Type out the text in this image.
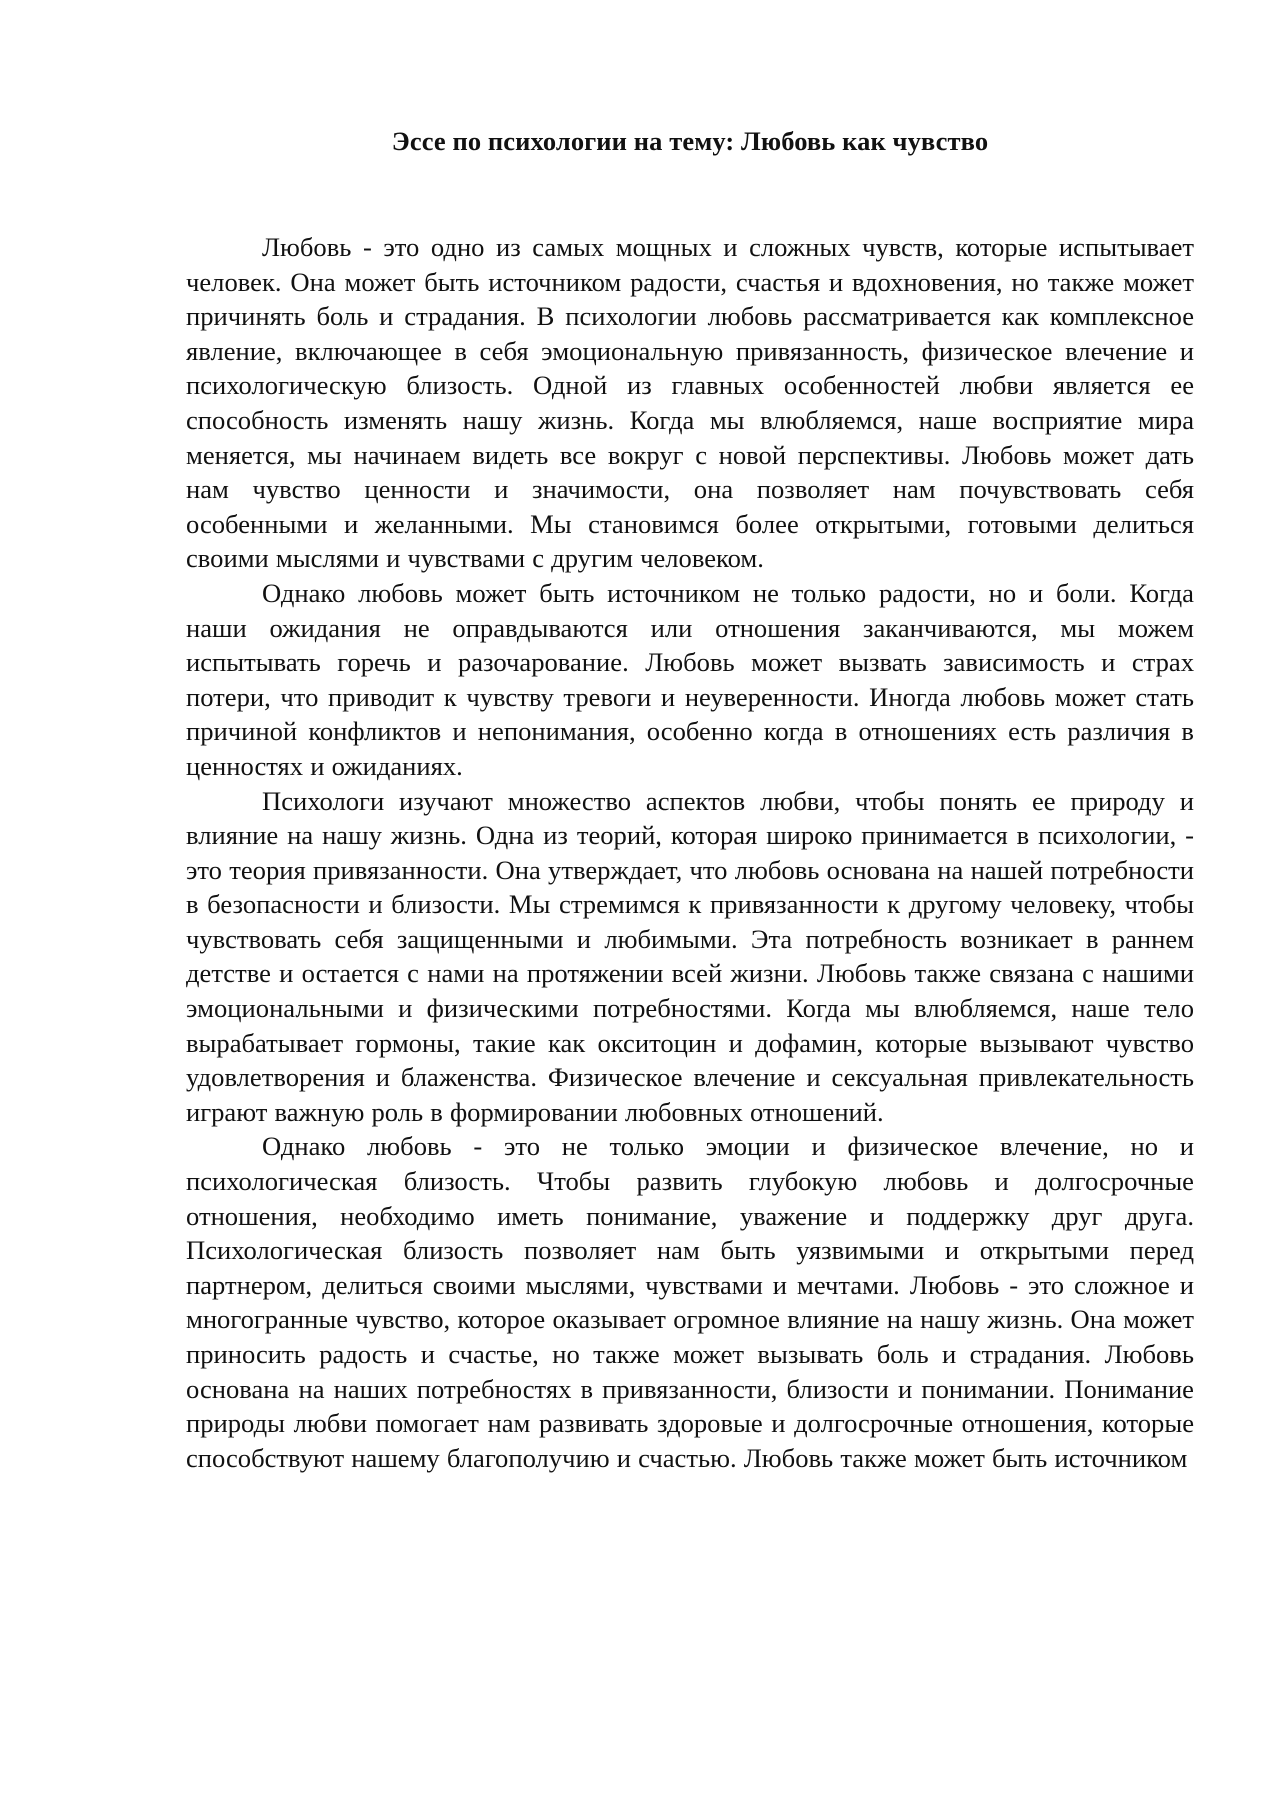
Эссе по психологии на тему: Любовь как чувство

Любовь - это одно из самых мощных и сложных чувств, которые испытывает человек. Она может быть источником радости, счастья и вдохновения, но также может причинять боль и страдания. В психологии любовь рассматривается как комплексное явление, включающее в себя эмоциональную привязанность, физическое влечение и психологическую близость. Одной из главных особенностей любви является ее способность изменять нашу жизнь. Когда мы влюбляемся, наше восприятие мира меняется, мы начинаем видеть все вокруг с новой перспективы. Любовь может дать нам чувство ценности и значимости, она позволяет нам почувствовать себя особенными и желанными. Мы становимся более открытыми, готовыми делиться своими мыслями и чувствами с другим человеком.

Однако любовь может быть источником не только радости, но и боли. Когда наши ожидания не оправдываются или отношения заканчиваются, мы можем испытывать горечь и разочарование. Любовь может вызвать зависимость и страх потери, что приводит к чувству тревоги и неуверенности. Иногда любовь может стать причиной конфликтов и непонимания, особенно когда в отношениях есть различия в ценностях и ожиданиях.

Психологи изучают множество аспектов любви, чтобы понять ее природу и влияние на нашу жизнь. Одна из теорий, которая широко принимается в психологии, - это теория привязанности. Она утверждает, что любовь основана на нашей потребности в безопасности и близости. Мы стремимся к привязанности к другому человеку, чтобы чувствовать себя защищенными и любимыми. Эта потребность возникает в раннем детстве и остается с нами на протяжении всей жизни. Любовь также связана с нашими эмоциональными и физическими потребностями. Когда мы влюбляемся, наше тело вырабатывает гормоны, такие как окситоцин и дофамин, которые вызывают чувство удовлетворения и блаженства. Физическое влечение и сексуальная привлекательность играют важную роль в формировании любовных отношений.

Однако любовь - это не только эмоции и физическое влечение, но и психологическая близость. Чтобы развить глубокую любовь и долгосрочные отношения, необходимо иметь понимание, уважение и поддержку друг друга. Психологическая близость позволяет нам быть уязвимыми и открытыми перед партнером, делиться своими мыслями, чувствами и мечтами. Любовь - это сложное и многогранные чувство, которое оказывает огромное влияние на нашу жизнь. Она может приносить радость и счастье, но также может вызывать боль и страдания. Любовь основана на наших потребностях в привязанности, близости и понимании. Понимание природы любви помогает нам развивать здоровые и долгосрочные отношения, которые способствуют нашему благополучию и счастью. Любовь также может быть источником
